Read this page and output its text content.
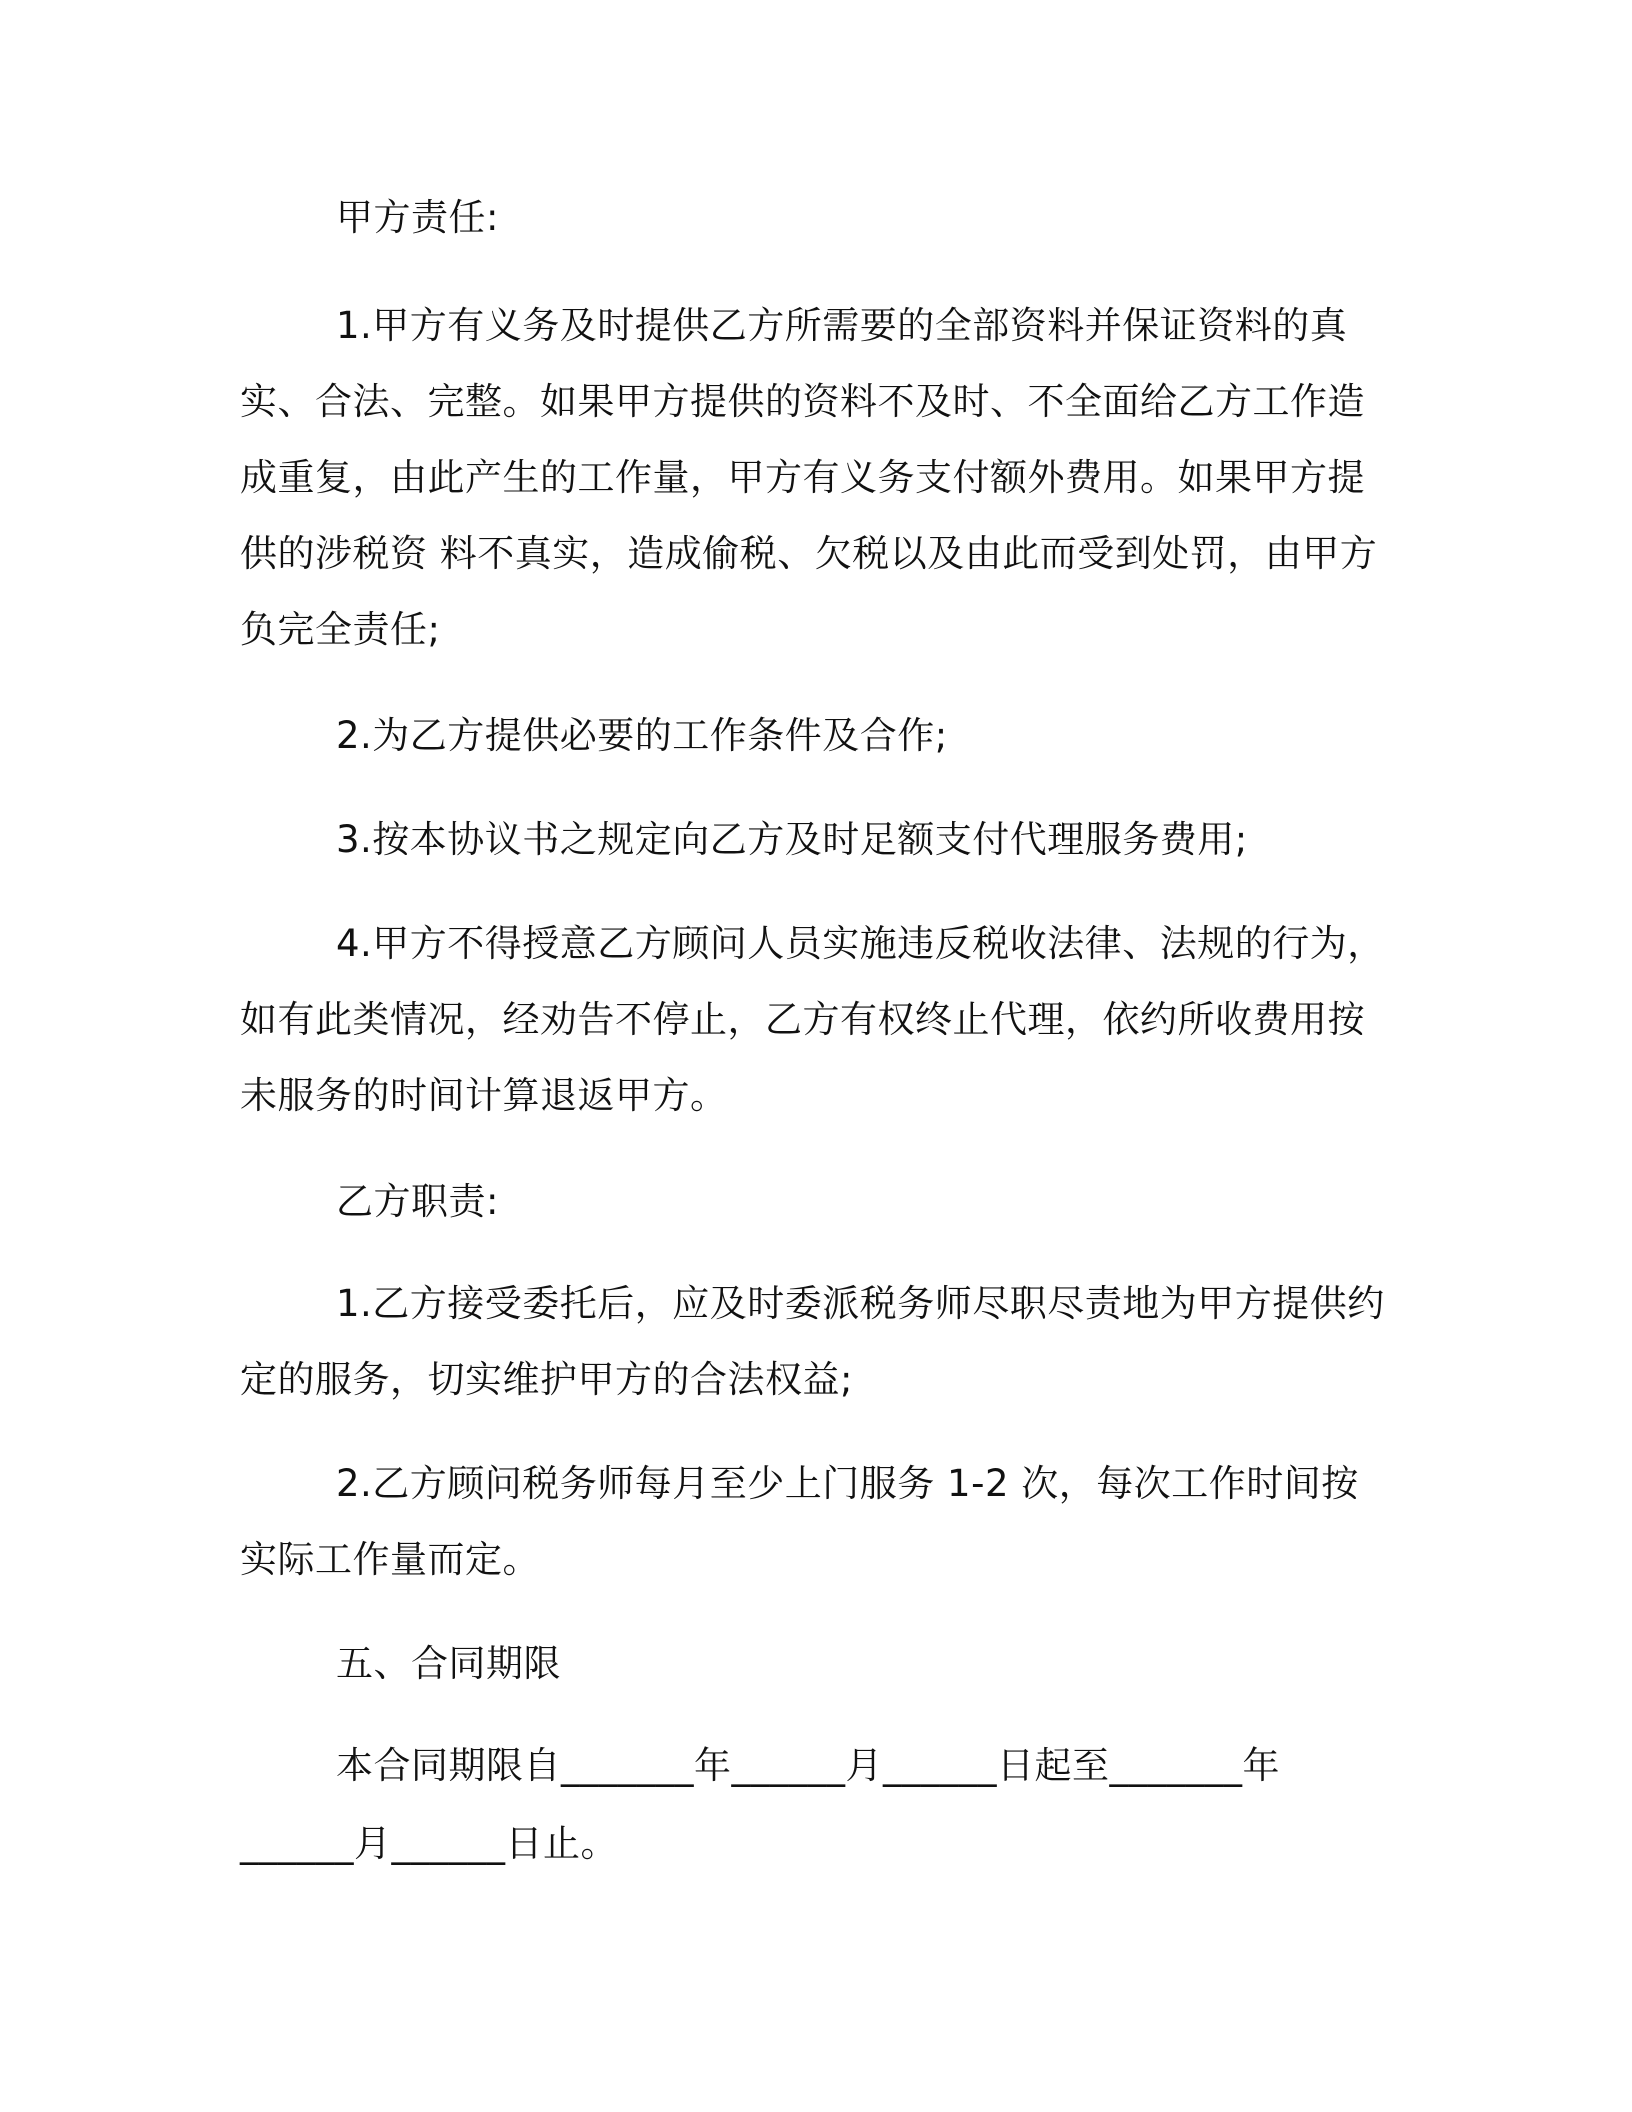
甲方责任:
1.甲方有义务及时提供乙方所需要的全部资料并保证资料的真实、合法、完整。如果甲方提供的资料不及时、不全面给乙方工作造成重复，由此产生的工作量，甲方有义务支付额外费用。如果甲方提供的涉税资 料不真实，造成偷税、欠税以及由此而受到处罚，由甲方负完全责任;
2.为乙方提供必要的工作条件及合作;
3.按本协议书之规定向乙方及时足额支付代理服务费用;
4.甲方不得授意乙方顾问人员实施违反税收法律、法规的行为，如有此类情况，经劝告不停止，乙方有权终止代理，依约所收费用按未服务的时间计算退返甲方。
乙方职责:
1.乙方接受委托后，应及时委派税务师尽职尽责地为甲方提供约定的服务，切实维护甲方的合法权益;
2.乙方顾问税务师每月至少上门服务 1-2 次，每次工作时间按实际工作量而定。
五、合同期限
本合同期限自_______年______月______日起至_______年
______月______日止。
